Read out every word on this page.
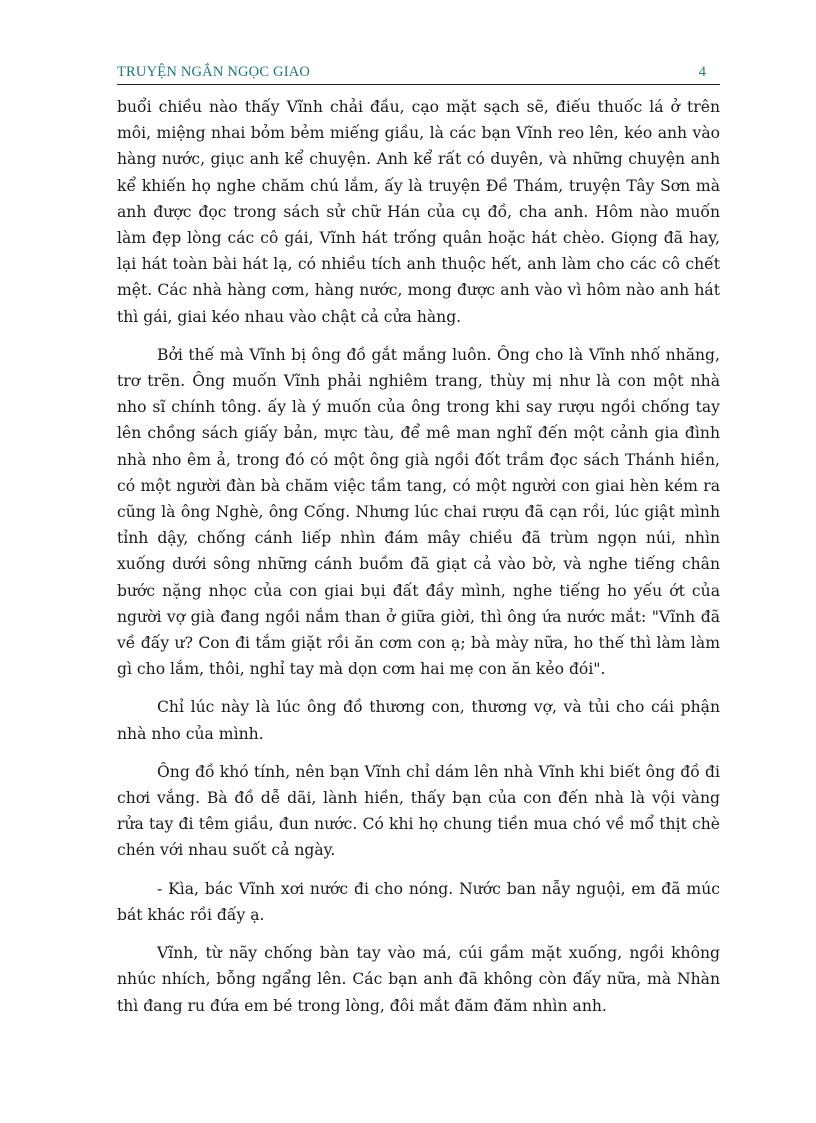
TRUYỆN NGẮN NGỌC GIAO	4

buổi chiều nào thấy Vĩnh chải đầu, cạo mặt sạch sẽ, điếu thuốc lá ở trên môi, miệng nhai bỏm bẻm miếng giầu, là các bạn Vĩnh reo lên, kéo anh vào hàng nước, giục anh kể chuyện. Anh kể rất có duyên, và những chuyện anh kể khiến họ nghe chăm chú lắm, ấy là truyện Đề Thám, truyện Tây Sơn mà anh được đọc trong sách sử chữ Hán của cụ đồ, cha anh. Hôm nào muốn làm đẹp lòng các cô gái, Vĩnh hát trống quân hoặc hát chèo. Giọng đã hay, lại hát toàn bài hát lạ, có nhiều tích anh thuộc hết, anh làm cho các cô chết mệt. Các nhà hàng cơm, hàng nước, mong được anh vào vì hôm nào anh hát thì gái, giai kéo nhau vào chật cả cửa hàng.

Bởi thế mà Vĩnh bị ông đồ gắt mắng luôn. Ông cho là Vĩnh nhố nhăng, trơ trẽn. Ông muốn Vĩnh phải nghiêm trang, thùy mị như là con một nhà nho sĩ chính tông. ấy là ý muốn của ông trong khi say rượu ngồi chống tay lên chồng sách giấy bản, mực tàu, để mê man nghĩ đến một cảnh gia đình nhà nho êm ả, trong đó có một ông già ngồi đốt trầm đọc sách Thánh hiền, có một người đàn bà chăm việc tầm tang, có một người con giai hèn kém ra cũng là ông Nghè, ông Cống. Nhưng lúc chai rượu đã cạn rồi, lúc giật mình tỉnh dậy, chống cánh liếp nhìn đám mây chiều đã trùm ngọn núi, nhìn xuống dưới sông những cánh buồm đã giạt cả vào bờ, và nghe tiếng chân bước nặng nhọc của con giai bụi đất đầy mình, nghe tiếng ho yếu ớt của người vợ già đang ngồi nắm than ở giữa giời, thì ông ứa nước mắt: "Vĩnh đã về đấy ư? Con đi tắm giặt rồi ăn cơm con ạ; bà mày nữa, ho thế thì làm làm gì cho lắm, thôi, nghỉ tay mà dọn cơm hai mẹ con ăn kẻo đói".

Chỉ lúc này là lúc ông đồ thương con, thương vợ, và tủi cho cái phận nhà nho của mình.

Ông đồ khó tính, nên bạn Vĩnh chỉ dám lên nhà Vĩnh khi biết ông đồ đi chơi vắng. Bà đồ dễ dãi, lành hiền, thấy bạn của con đến nhà là vội vàng rửa tay đi têm giầu, đun nước. Có khi họ chung tiền mua chó về mổ thịt chè chén với nhau suốt cả ngày.

- Kìa, bác Vĩnh xơi nước đi cho nóng. Nước ban nẫy nguội, em đã múc bát khác rồi đấy ạ.

Vĩnh, từ nãy chống bàn tay vào má, cúi gầm mặt xuống, ngồi không nhúc nhích, bỗng ngẩng lên. Các bạn anh đã không còn đấy nữa, mà Nhàn thì đang ru đứa em bé trong lòng, đôi mắt đăm đăm nhìn anh.
